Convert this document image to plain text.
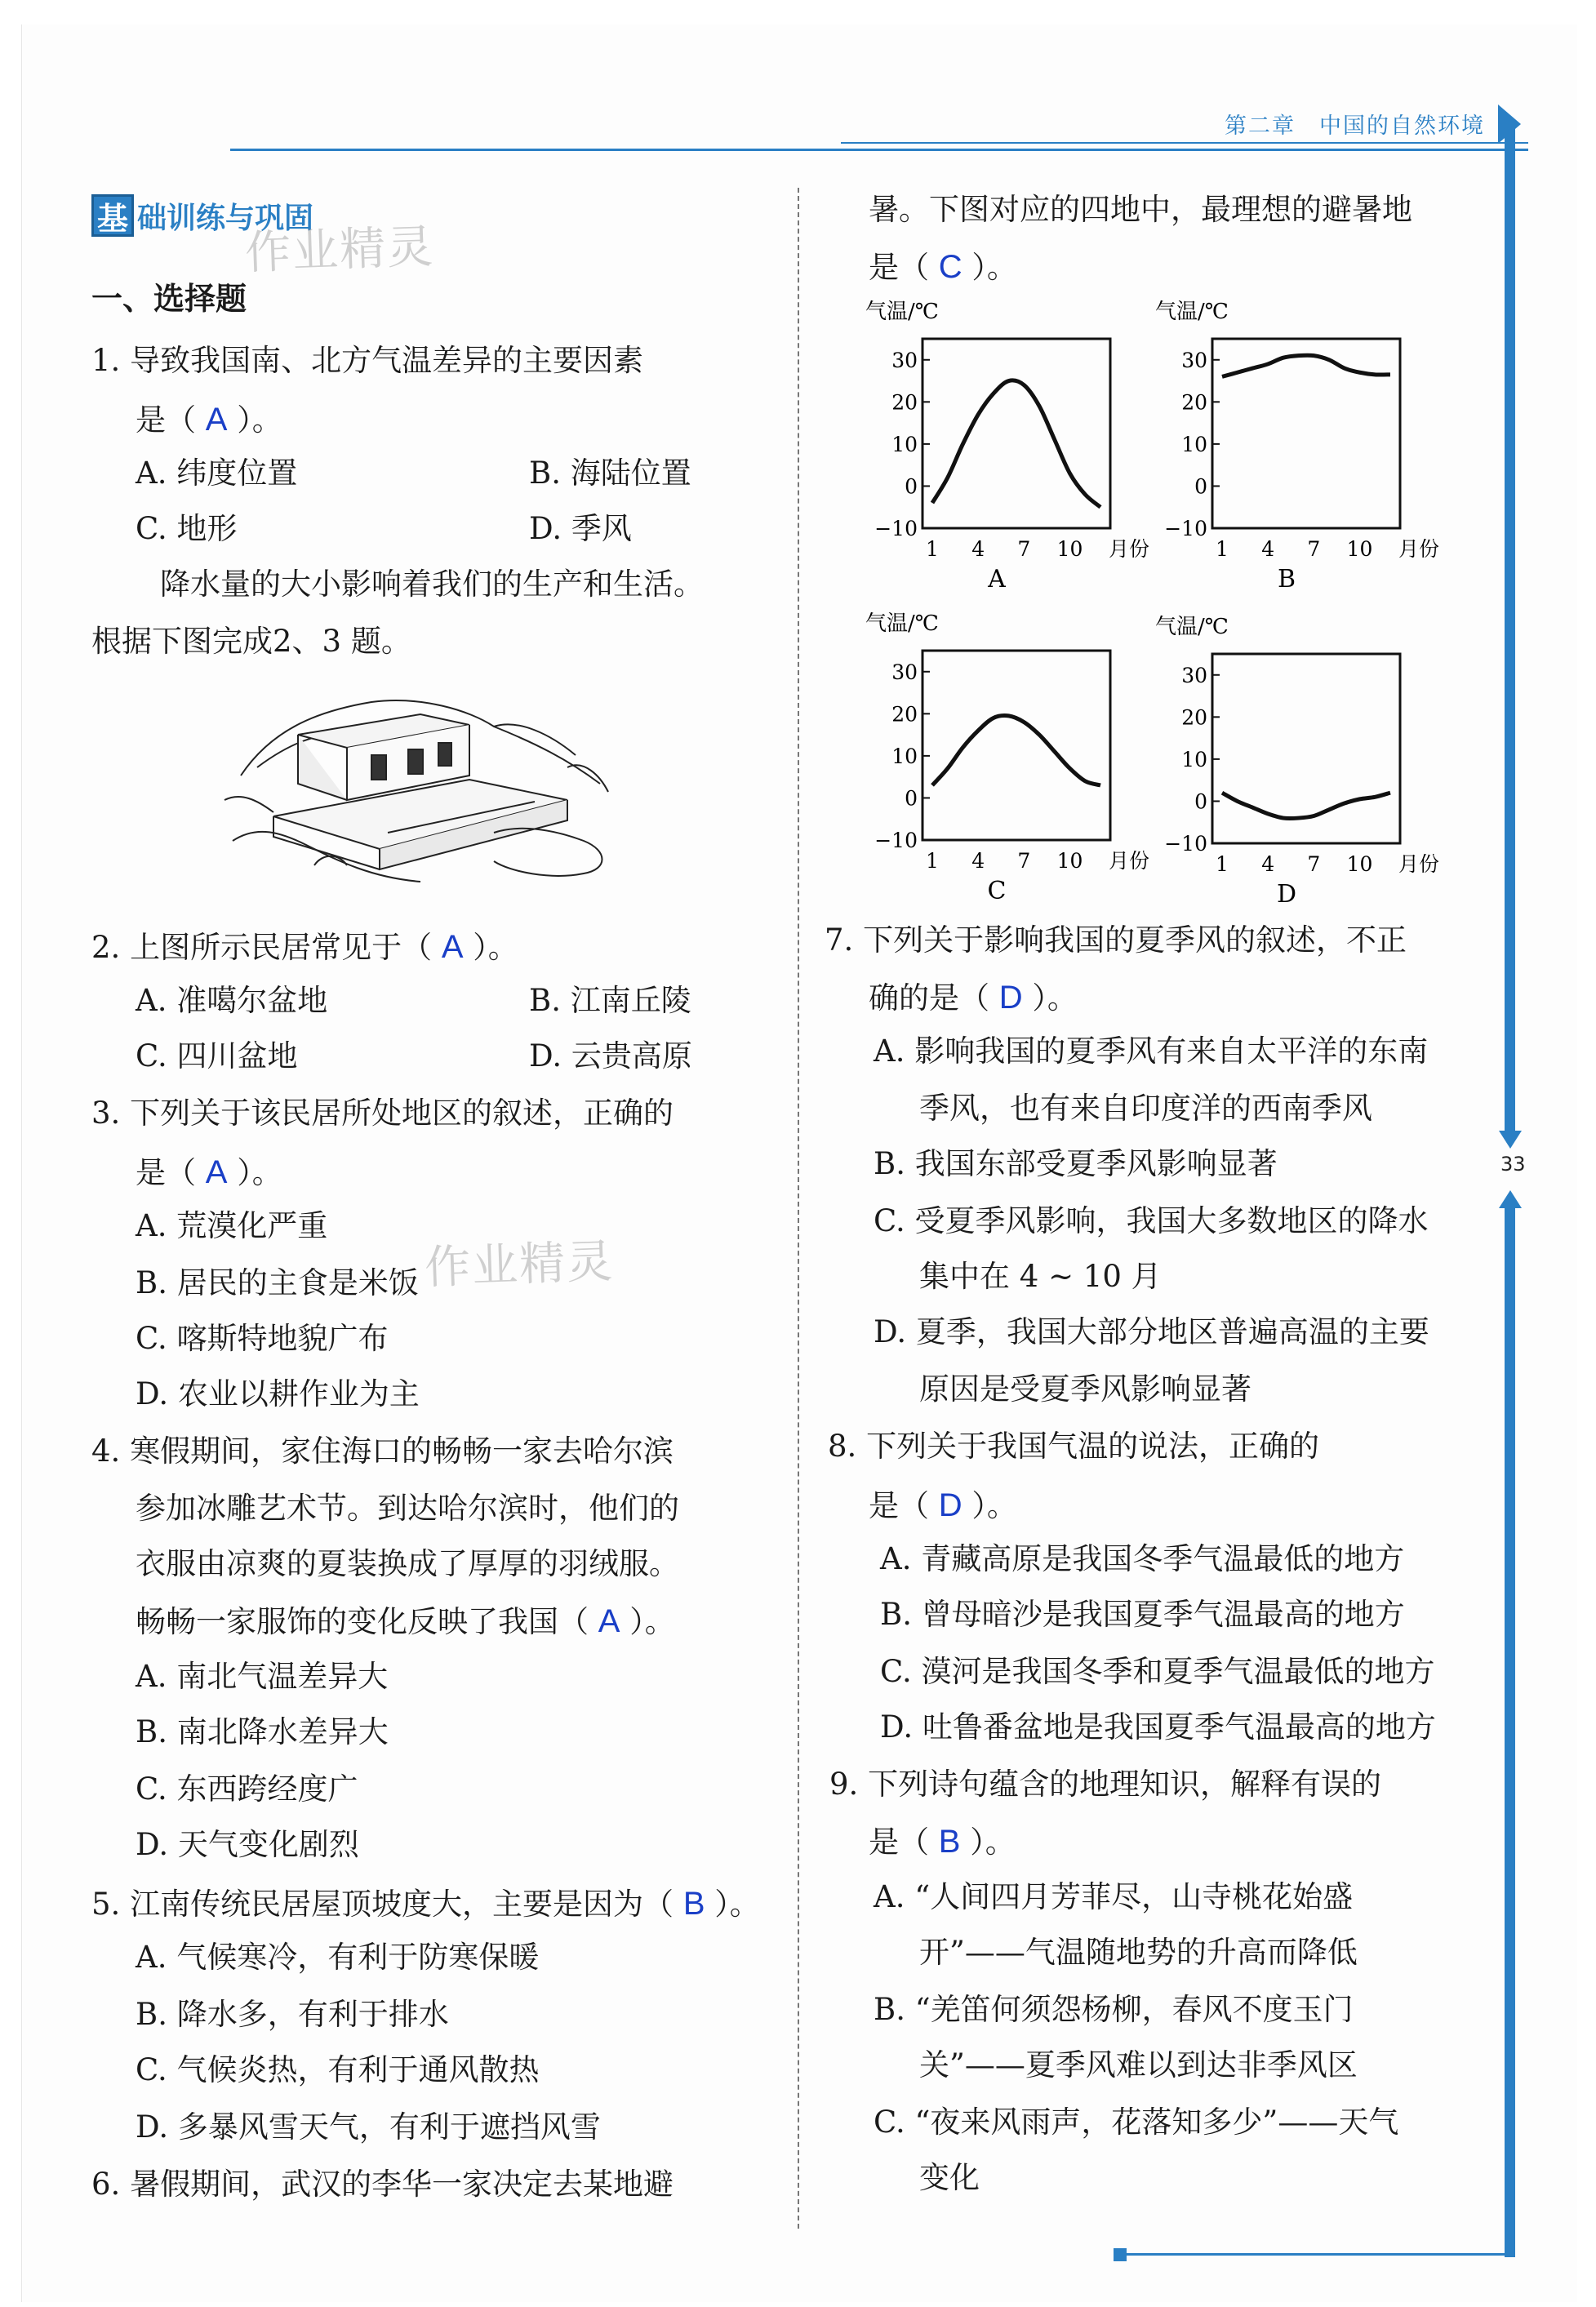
第二章　中国的自然环境
33
基 础训练与巩固
作业精灵
作业精灵
一、选择题
1. 导致我国南、北方气温差异的主要因素
是（ A ）。
A. 纬度位置	B. 海陆位置
C. 地形	D. 季风
降水量的大小影响着我们的生产和生活。
根据下图完成2、3 题。
2. 上图所示民居常见于（ A ）。
A. 准噶尔盆地	B. 江南丘陵
C. 四川盆地	D. 云贵高原
3. 下列关于该民居所处地区的叙述，正确的
是（ A ）。
A. 荒漠化严重
B. 居民的主食是米饭
C. 喀斯特地貌广布
D. 农业以耕作业为主
4. 寒假期间，家住海口的畅畅一家去哈尔滨
参加冰雕艺术节。到达哈尔滨时，他们的
衣服由凉爽的夏装换成了厚厚的羽绒服。
畅畅一家服饰的变化反映了我国（ A ）。
A. 南北气温差异大
B. 南北降水差异大
C. 东西跨经度广
D. 天气变化剧烈
5. 江南传统民居屋顶坡度大，主要是因为（ B ）。
A. 气候寒冷，有利于防寒保暖
B. 降水多，有利于排水
C. 气候炎热，有利于通风散热
D. 多暴风雪天气，有利于遮挡风雪
6. 暑假期间，武汉的李华一家决定去某地避
暑。下图对应的四地中，最理想的避暑地
是（ C ）。
7. 下列关于影响我国的夏季风的叙述，不正
确的是（ D ）。
A. 影响我国的夏季风有来自太平洋的东南
季风，也有来自印度洋的西南季风
B. 我国东部受夏季风影响显著
C. 受夏季风影响，我国大多数地区的降水
集中在 4 ~ 10 月
D. 夏季，我国大部分地区普遍高温的主要
原因是受夏季风影响显著
8. 下列关于我国气温的说法，正确的
是（ D ）。
A. 青藏高原是我国冬季气温最低的地方
B. 曾母暗沙是我国夏季气温最高的地方
C. 漠河是我国冬季和夏季气温最低的地方
D. 吐鲁番盆地是我国夏季气温最高的地方
9. 下列诗句蕴含的地理知识，解释有误的
是（ B ）。
A. “人间四月芳菲尽，山寺桃花始盛
开”——气温随地势的升高而降低
B. “羌笛何须怨杨柳，春风不度玉门
关”——夏季风难以到达非季风区
C. “夜来风雨声，花落知多少”——天气
变化
气温/℃
−10
0
10
20
30
1 4 7 10 月份
A
气温/℃
−10
0
10
20
30
1 4 7 10 月份
B
气温/℃
−10
0
10
20
30
1 4 7 10 月份
C
气温/℃
−10
0
10
20
30
1 4 7 10 月份
D
